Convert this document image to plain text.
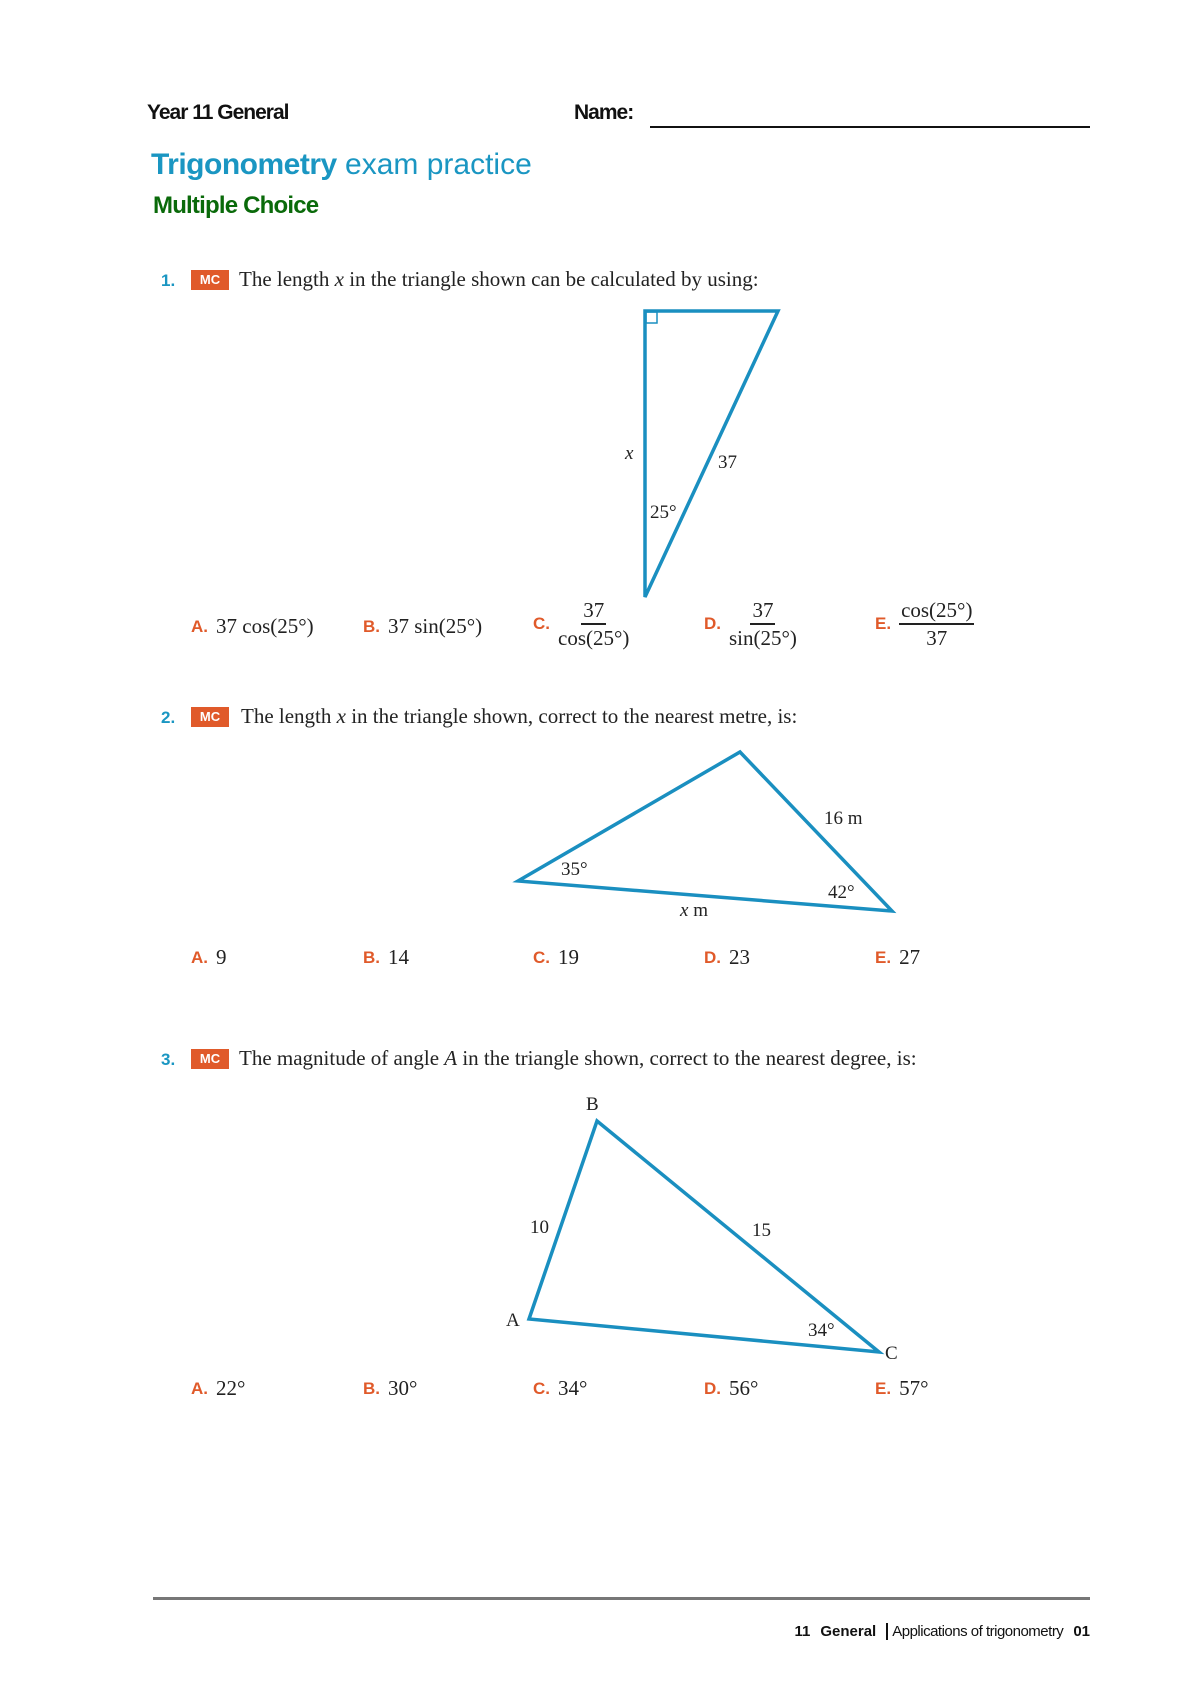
Year 11 General	Name:
Trigonometry exam practice
Multiple Choice
1.	MC The length x in the triangle shown can be calculated by using:
x	37
25°
A. 37 cos(25°)	B. 37 sin(25°)	C. $\frac{37}{\cos(25^\circ)}$	D. $\frac{37}{\sin(25^\circ)}$	E. $\frac{\cos(25^\circ)}{37}$
2.	MC The length x in the triangle shown, correct to the nearest metre, is:
16 m
35°
42°
x m
A. 9	B. 14	C. 19	D. 23	E. 27
3.	MC The magnitude of angle A in the triangle shown, correct to the nearest degree, is:
B
10	15
A	34°
C
A. 22°	B. 30°	C. 34°	D. 56°	E. 57°
11 General	Applications of trigonometry 01
